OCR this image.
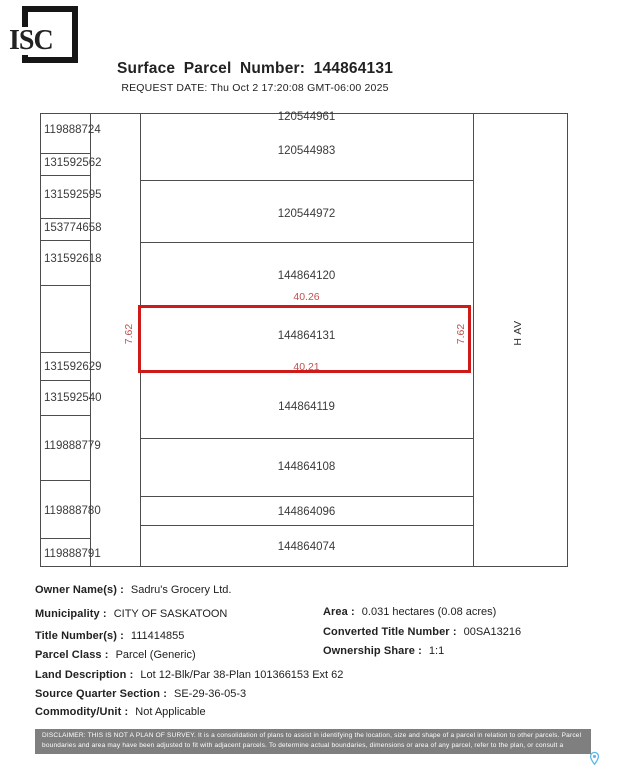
ISC
Surface Parcel Number: 144864131
REQUEST DATE: Thu Oct 2 17:20:08 GMT-06:00 2025
119888724
131592562
131592595
153774658
131592618
131592629
131592540
119888779
119888780
119888791
120544961
120544983
120544972
144864120
144864119
144864108
144864096
144864074
144864131
40.26
40.21
7.62	7.62	H AV
Owner Name(s) : Sadru's Grocery Ltd.
Municipality : CITY OF SASKATOON
Title Number(s) : 111414855
Parcel Class : Parcel (Generic)
Land Description : Lot 12-Blk/Par 38-Plan 101366153 Ext 62
Source Quarter Section : SE-29-36-05-3
Commodity/Unit : Not Applicable
Area : 0.031 hectares (0.08 acres)
Converted Title Number : 00SA13216
Ownership Share : 1:1
DISCLAIMER: THIS IS NOT A PLAN OF SURVEY. It is a consolidation of plans to assist in identifying the location, size and shape of a parcel in relation to other parcels. Parcel boundaries and area may have been adjusted to fit with adjacent parcels. To determine actual boundaries, dimensions or area of any parcel, refer to the plan, or consult a surveyor.
